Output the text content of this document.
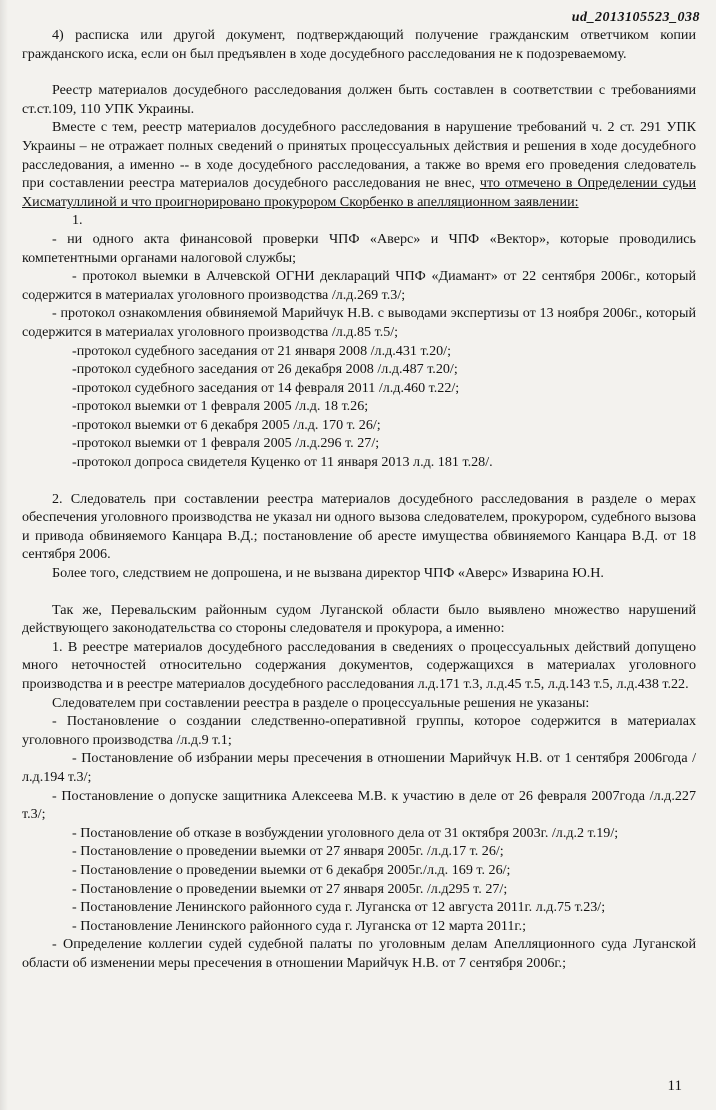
ud_2013105523_038

4) расписка или другой документ, подтверждающий получение гражданским ответчиком копии гражданского иска, если он был предъявлен в ходе досудебного расследования не к подозреваемому.

Реестр материалов досудебного расследования должен быть составлен в соответствии с требованиями ст.ст.109, 110 УПК Украины.

Вместе с тем, реестр материалов досудебного расследования в нарушение требований ч. 2 ст. 291 УПК Украины – не отражает полных сведений о принятых процессуальных действия и решения в ходе досудебного расследования, а именно -- в ходе досудебного расследования, а также во время его проведения следователь при составлении реестра материалов досудебного расследования не внес, что отмечено в Определении судьи Хисматуллиной и что проигнорировано прокурором Скорбенко в апелляционном заявлении:

1.

- ни одного акта финансовой проверки ЧПФ «Аверс» и ЧПФ «Вектор», которые проводились компетентными органами налоговой службы;

- протокол выемки в Алчевской ОГНИ деклараций ЧПФ «Диамант» от 22 сентября 2006г., который содержится в материалах уголовного производства /л.д.269 т.3/;

- протокол ознакомления обвиняемой Марийчук Н.В. с выводами экспертизы от 13 ноября 2006г., который содержится в материалах уголовного производства /л.д.85 т.5/;

-протокол судебного заседания от 21 января 2008 /л.д.431 т.20/;

-протокол судебного заседания от 26 декабря 2008 /л.д.487 т.20/;

-протокол судебного заседания от 14 февраля 2011 /л.д.460 т.22/;

-протокол выемки от 1 февраля 2005 /л.д. 18 т.26;

-протокол выемки от 6 декабря 2005 /л.д. 170 т. 26/;

-протокол выемки от 1 февраля 2005 /л.д.296 т. 27/;

-протокол допроса свидетеля Куценко от 11 января 2013 л.д. 181 т.28/.

2. Следователь при составлении реестра материалов досудебного расследования в разделе о мерах обеспечения уголовного производства не указал ни одного вызова следователем, прокурором, судебного вызова и привода обвиняемого Канцара В.Д.; постановление об аресте имущества обвиняемого Канцара В.Д. от 18 сентября 2006.

Более того, следствием не допрошена, и не вызвана директор ЧПФ «Аверс» Изварина Ю.Н.

Так же, Перевальским районным судом Луганской области было выявлено множество нарушений действующего законодательства со стороны следователя и прокурора, а именно:

1. В реестре материалов досудебного расследования в сведениях о процессуальных действий допущено много неточностей относительно содержания документов, содержащихся в материалах уголовного производства и в реестре материалов досудебного расследования л.д.171 т.3, л.д.45 т.5, л.д.143 т.5, л.д.438 т.22.

Следователем при составлении реестра в разделе о процессуальные решения не указаны:

- Постановление о создании следственно-оперативной группы, которое содержится в материалах уголовного производства /л.д.9 т.1;

- Постановление об избрании меры пресечения в отношении Марийчук Н.В. от 1 сентября 2006года /л.д.194 т.3/;

- Постановление о допуске защитника Алексеева М.В. к участию в деле от 26 февраля 2007года /л.д.227 т.3/;

- Постановление об отказе в возбуждении уголовного дела от 31 октября 2003г. /л.д.2 т.19/;

- Постановление о проведении выемки от 27 января 2005г. /л.д.17 т. 26/;

- Постановление о проведении выемки от 6 декабря 2005г./л.д. 169 т. 26/;

- Постановление о проведении выемки от 27 января 2005г. /л.д295 т. 27/;

- Постановление Ленинского районного суда г. Луганска от 12 августа 2011г. л.д.75 т.23/;

- Постановление Ленинского районного суда г. Луганска от 12 марта 2011г.;

- Определение коллегии судей судебной палаты по уголовным делам Апелляционного суда Луганской области об изменении меры пресечения в отношении Марийчук Н.В. от 7 сентября 2006г.;

11
